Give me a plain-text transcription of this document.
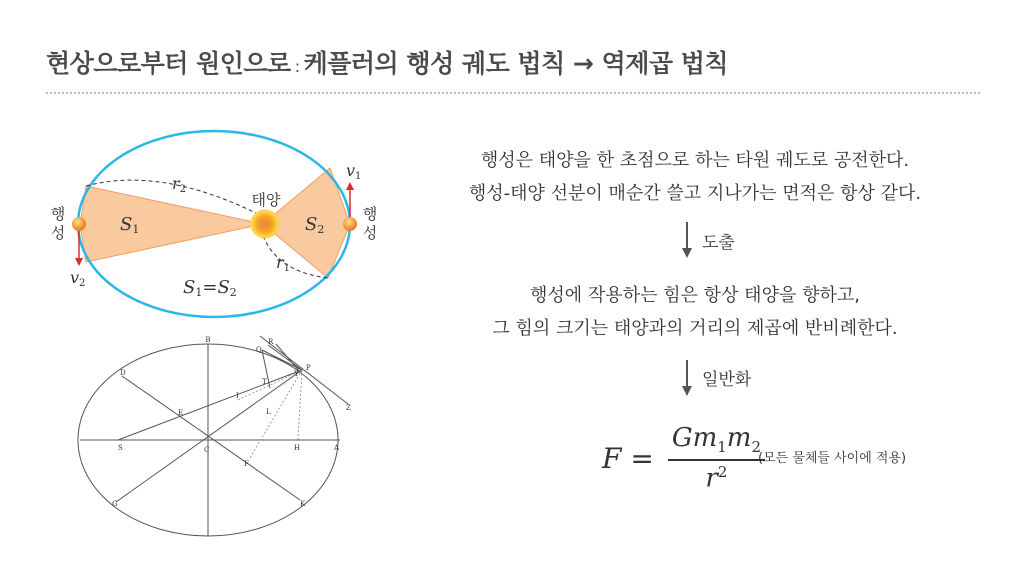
현상으로부터 원인으로 : 케플러의 행성 궤도 법칙 → 역제곱 법칙
태양
행
성
행
성
S1	S2
S1=S2
r2
r1
v1
v2
B
D
Q
R
T
P
Y
I
L
E
S	C	H	A
F
G	K
Z
행성은 태양을 한 초점으로 하는 타원 궤도로 공전한다.
행성-태양 선분이 매순간 쓸고 지나가는 면적은 항상 같다.
도출
행성에 작용하는 힘은 항상 태양을 향하고,
그 힘의 크기는 태양과의 거리의 제곱에 반비례한다.
일반화
$F = \frac{Gm_1m_2}{r^2}$
(모든 물체들 사이에 적용)
